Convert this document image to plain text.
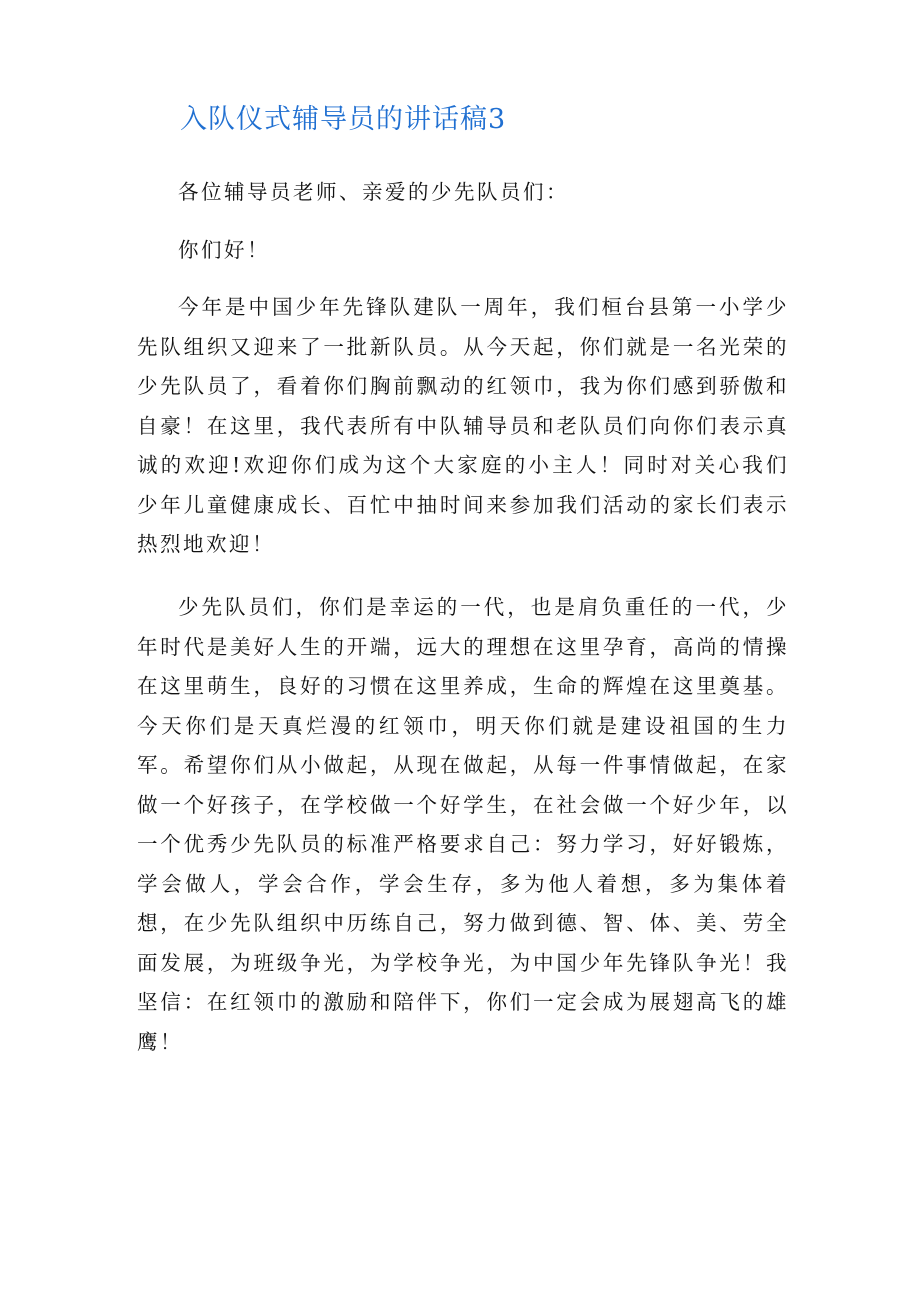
入队仪式辅导员的讲话稿3

各位辅导员老师、亲爱的少先队员们：

你们好！

今年是中国少年先锋队建队一周年，我们桓台县第一小学少先队组织又迎来了一批新队员。从今天起，你们就是一名光荣的少先队员了，看着你们胸前飘动的红领巾，我为你们感到骄傲和自豪！在这里，我代表所有中队辅导员和老队员们向你们表示真诚的欢迎!欢迎你们成为这个大家庭的小主人！同时对关心我们少年儿童健康成长、百忙中抽时间来参加我们活动的家长们表示热烈地欢迎！

少先队员们，你们是幸运的一代，也是肩负重任的一代，少年时代是美好人生的开端，远大的理想在这里孕育，高尚的情操在这里萌生，良好的习惯在这里养成，生命的辉煌在这里奠基。今天你们是天真烂漫的红领巾，明天你们就是建设祖国的生力军。希望你们从小做起，从现在做起，从每一件事情做起，在家做一个好孩子，在学校做一个好学生，在社会做一个好少年，以一个优秀少先队员的标准严格要求自己：努力学习，好好锻炼，学会做人，学会合作，学会生存，多为他人着想，多为集体着想，在少先队组织中历练自己，努力做到德、智、体、美、劳全面发展，为班级争光，为学校争光，为中国少年先锋队争光！我坚信：在红领巾的激励和陪伴下，你们一定会成为展翅高飞的雄鹰！
